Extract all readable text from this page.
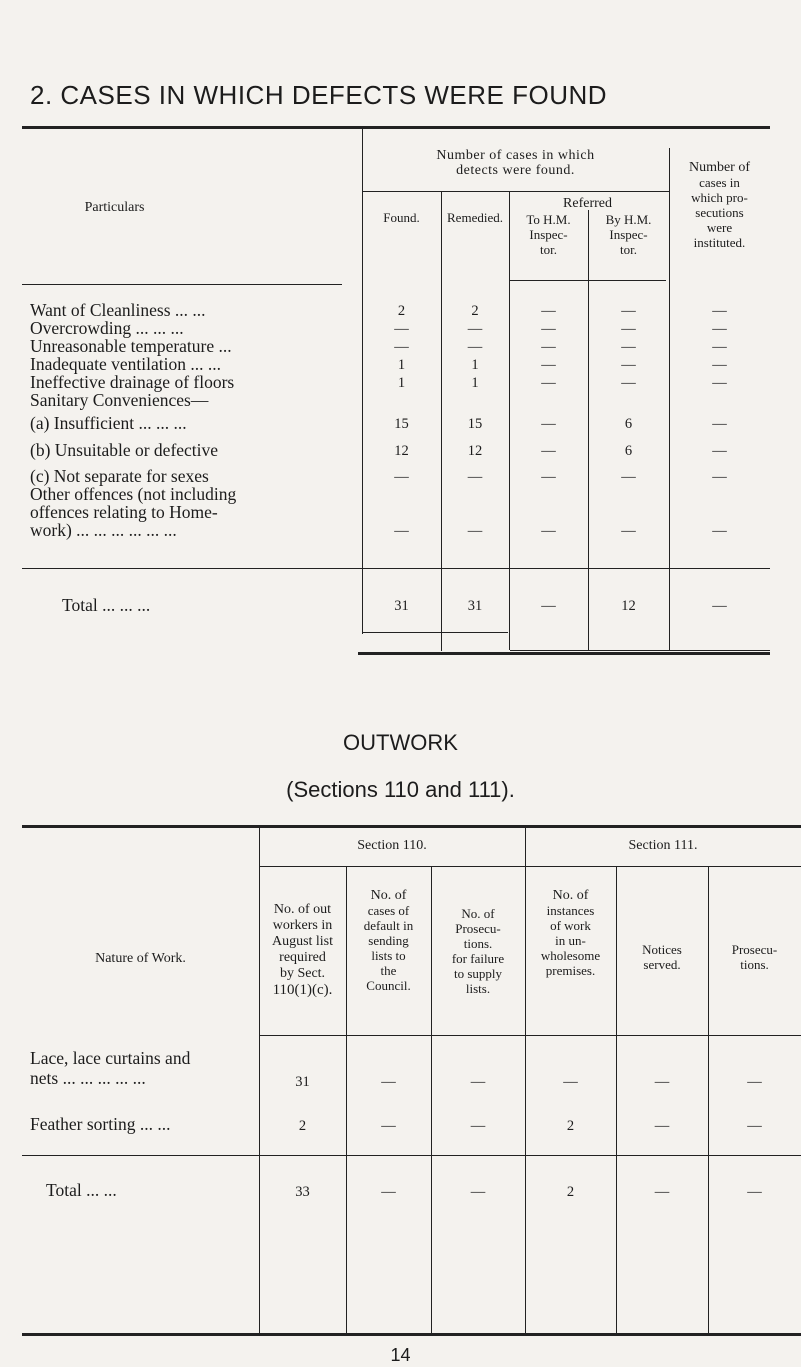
2. CASES IN WHICH DEFECTS WERE FOUND
Particulars
Number of cases in which
detects were found.
Found.	Remedied.
Referred
To H.M.
Inspec-
tor.
By H.M.
Inspec-
tor.
Number of
cases in
which pro-
secutions
were
instituted.
Want of Cleanliness ... ...	2	2	—	—	—
Overcrowding ... ... ...	—	—	—	—	—
Unreasonable temperature ...	—	—	—	—	—
Inadequate ventilation ... ...	1	1	—	—	—
Ineffective drainage of floors	1	1	—	—	—
Sanitary Conveniences—
(a) Insufficient ... ... ...	15	15	—	6	—
(b) Unsuitable or defective	12	12	—	6	—
(c) Not separate for sexes	—	—	—	—	—
Other offences (not including
offences relating to Home-
work) ... ... ... ... ... ...	—	—	—	—	—
Total ... ... ...	31	31	—	12	—
OUTWORK
(Sections 110 and 111).
Nature of Work.
Section 110.	Section 111.
No. of out
workers in
August list
required
by Sect.
110(1)(c).
No. of
cases of
default in
sending
lists to
the
Council.
No. of
Prosecu-
tions.
for failure
to supply
lists.
No. of
instances
of work
in un-
wholesome
premises.
Notices
served.
Prosecu-
tions.
Lace, lace curtains and
nets ... ... ... ... ...	31	—	—	—	—	—
Feather sorting ... ...	2	—	—	2	—	—
Total ... ...	33	—	—	2	—	—
14
